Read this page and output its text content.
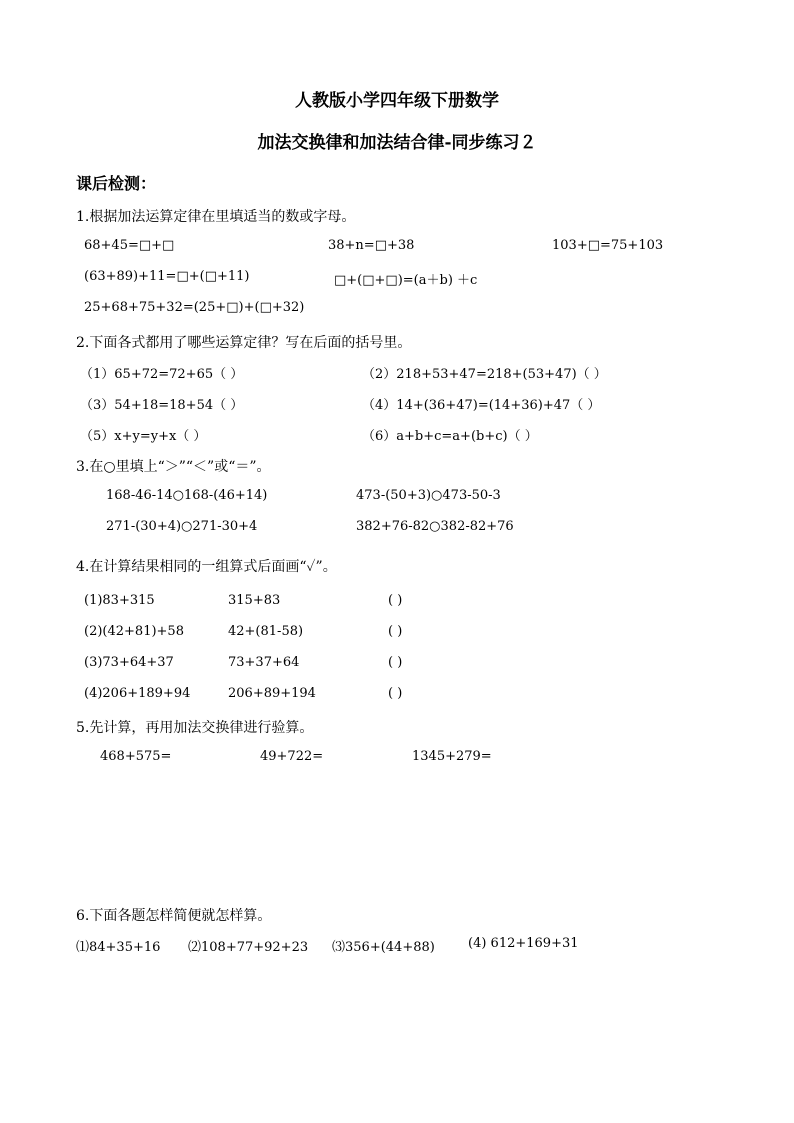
人教版小学四年级下册数学
加法交换律和加法结合律-同步练习２
课后检测：
1.根据加法运算定律在里填适当的数或字母。
68+45=□+□	38+n=□+38	103+□=75+103
(63+89)+11=□+(□+11)	□+(□+□)=(a＋b) ＋c
25+68+75+32=(25+□)+(□+32)
2.下面各式都用了哪些运算定律？写在后面的括号里。
（1）65+72=72+65（ ）	（2）218+53+47=218+(53+47)（ ）
（3）54+18=18+54（ ）	（4）14+(36+47)=(14+36)+47（ ）
（5）x+y=y+x（ ）	（6）a+b+c=a+(b+c)（ ）
3.在○里填上“＞”“＜”或“＝”。
168-46-14○168-(46+14)	473-(50+3)○473-50-3
271-(30+4)○271-30+4	382+76-82○382-82+76
4.在计算结果相同的一组算式后面画“✓”。
(1)83+315	315+83	( )
(2)(42+81)+58	42+(81-58)	( )
(3)73+64+37	73+37+64	( )
(4)206+189+94	206+89+194	( )
5.先计算，再用加法交换律进行验算。
468+575=	49+722=	1345+279=
6.下面各题怎样简便就怎样算。
⑴84+35+16 ⑵108+77+92+23 ⑶356+(44+88)	(4) 612+169+31
